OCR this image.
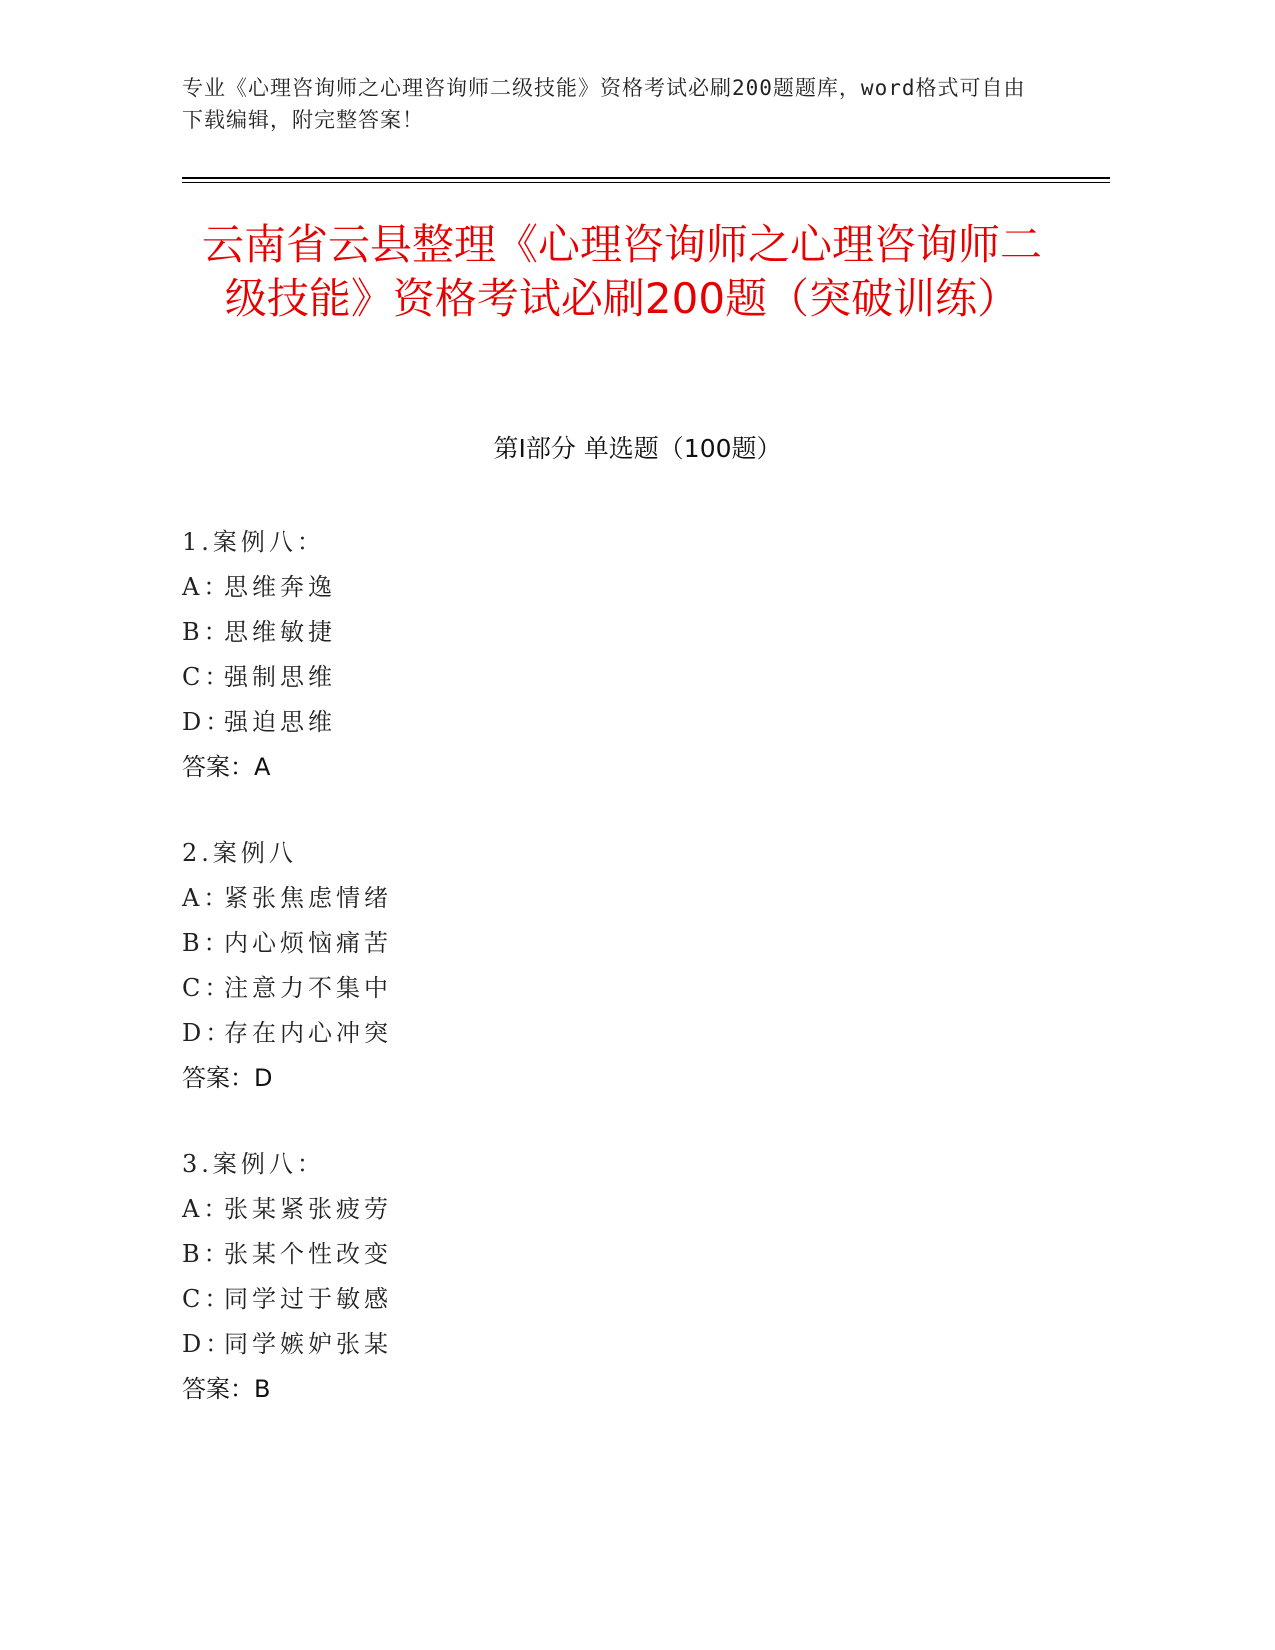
专业《心理咨询师之心理咨询师二级技能》资格考试必刷200题题库，word格式可自由下载编辑，附完整答案！
云南省云县整理《心理咨询师之心理咨询师二级技能》资格考试必刷200题（突破训练）
第Ⅰ部分 单选题（100题）
1.案例八：
A：思维奔逸
B：思维敏捷
C：强制思维
D：强迫思维
答案：A
2.案例八
A：紧张焦虑情绪
B：内心烦恼痛苦
C：注意力不集中
D：存在内心冲突
答案：D
3.案例八：
A：张某紧张疲劳
B：张某个性改变
C：同学过于敏感
D：同学嫉妒张某
答案：B
